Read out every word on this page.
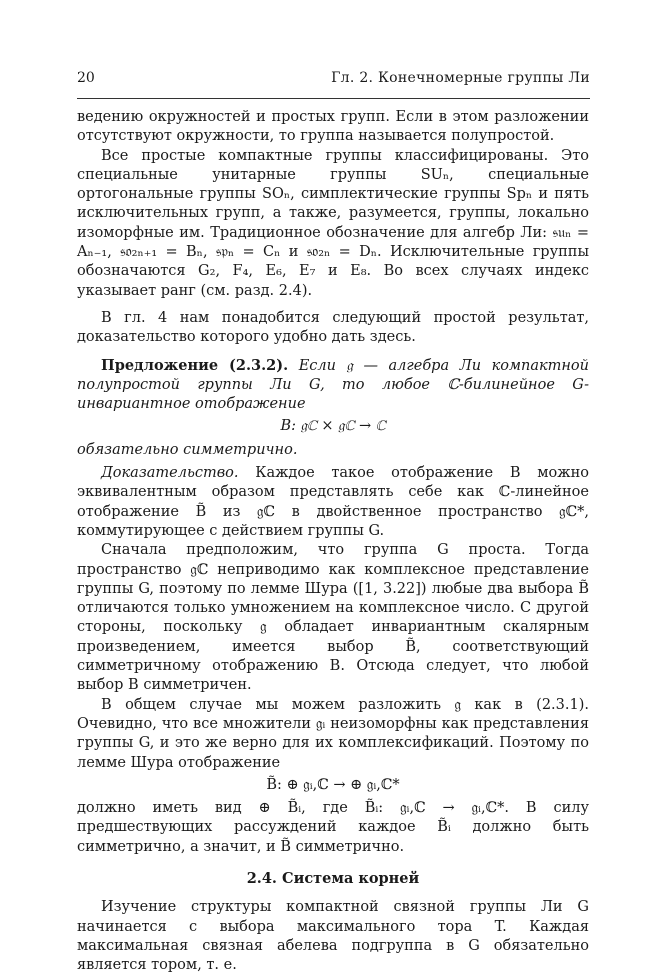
20	Гл. 2. Конечномерные группы Ли

ведению окружностей и простых групп. Если в этом разложении отсутствуют окружности, то группа называется полупростой.

Все простые компактные группы классифицированы. Это специальные унитарные группы SUₙ, специальные ортогональные группы SOₙ, симплектические группы Spₙ и пять исключительных групп, а также, разумеется, группы, локально изоморфные им. Традиционное обозначение для алгебр Ли: 𝔰𝔲ₙ = Aₙ₋₁, 𝔰𝔬₂ₙ₊₁ = Bₙ, 𝔰𝔭ₙ = Cₙ и 𝔰𝔬₂ₙ = Dₙ. Исключительные группы обозначаются G₂, F₄, E₆, E₇ и E₈. Во всех случаях индекс указывает ранг (см. разд. 2.4).

В гл. 4 нам понадобится следующий простой результат, доказательство которого удобно дать здесь.

Предложение (2.3.2). Если 𝔤 — алгебра Ли компактной полупростой группы Ли G, то любое ℂ-билинейное G-инвариантное отображение

B: 𝔤ℂ × 𝔤ℂ → ℂ

обязательно симметрично.

Доказательство. Каждое такое отображение B можно эквивалентным образом представлять себе как ℂ-линейное отображение B̃ из 𝔤ℂ в двойственное пространство 𝔤ℂ*, коммутирующее с действием группы G.

Сначала предположим, что группа G проста. Тогда пространство 𝔤ℂ неприводимо как комплексное представление группы G, поэтому по лемме Шура ([1, 3.22]) любые два выбора B̃ отличаются только умножением на комплексное число. С другой стороны, поскольку 𝔤 обладает инвариантным скалярным произведением, имеется выбор B̃, соответствующий симметричному отображению B. Отсюда следует, что любой выбор B симметричен.

В общем случае мы можем разложить 𝔤 как в (2.3.1). Очевидно, что все множители 𝔤ᵢ неизоморфны как представления группы G, и это же верно для их комплексификаций. Поэтому по лемме Шура отображение

B̃: ⊕ 𝔤ᵢ,ℂ → ⊕ 𝔤ᵢ,ℂ*

должно иметь вид ⊕ B̃ᵢ, где B̃ᵢ: 𝔤ᵢ,ℂ → 𝔤ᵢ,ℂ*. В силу предшествующих рассуждений каждое B̃ᵢ должно быть симметрично, а значит, и B̃ симметрично.

2.4. Система корней

Изучение структуры компактной связной группы Ли G начинается с выбора максимального тора T. Каждая максимальная связная абелева подгруппа в G обязательно является тором, т. е.
